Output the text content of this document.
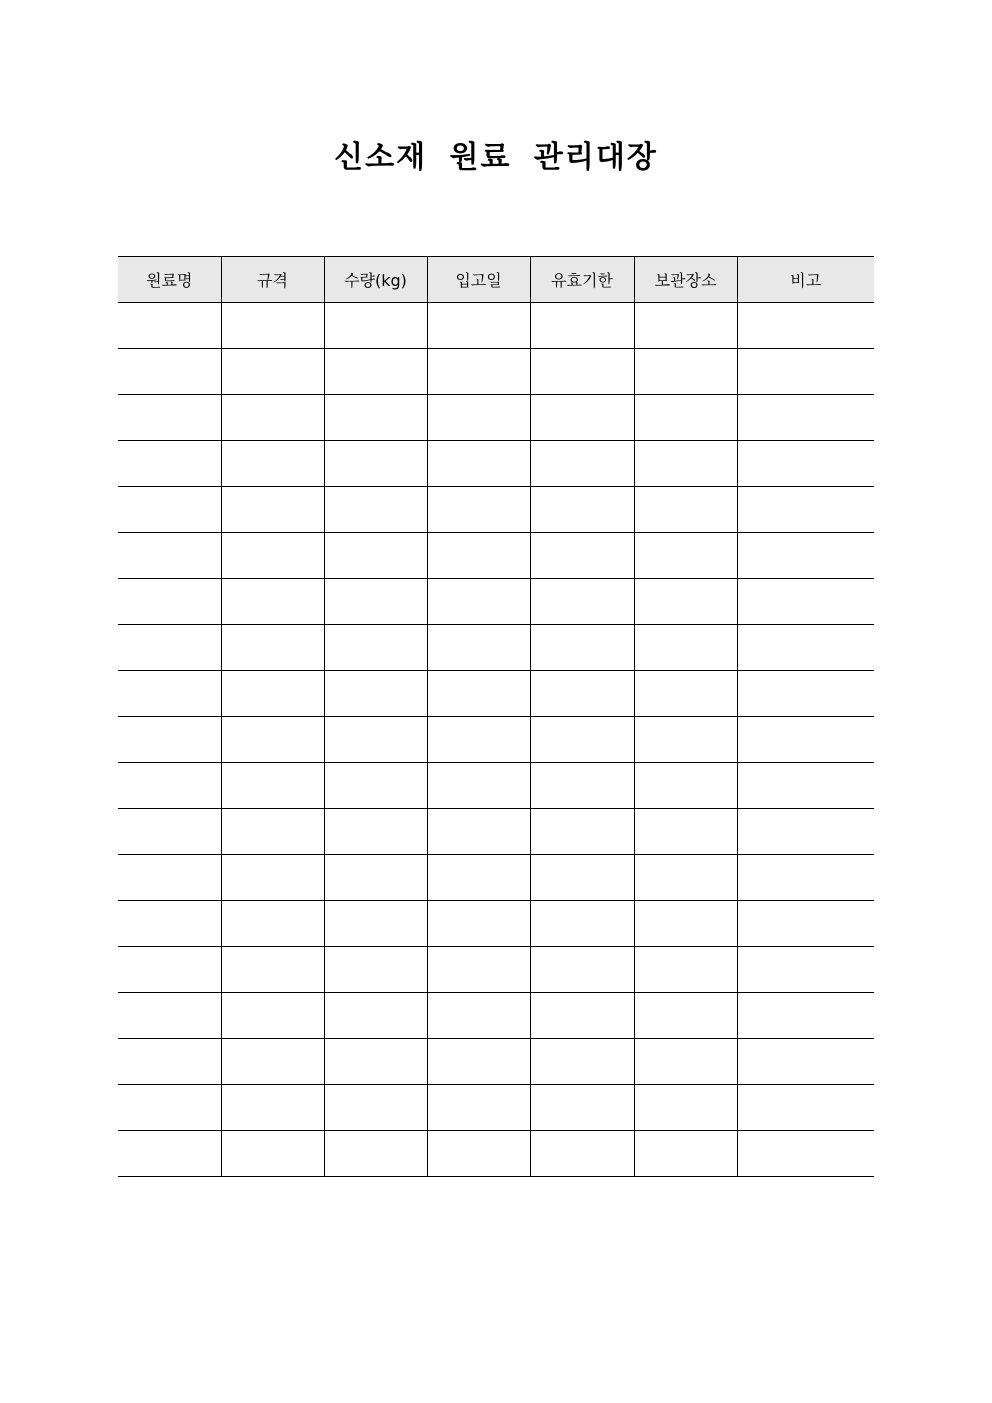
신소재 원료 관리대장
원료명	규격	수량(kg)	입고일	유효기한	보관장소	비고
